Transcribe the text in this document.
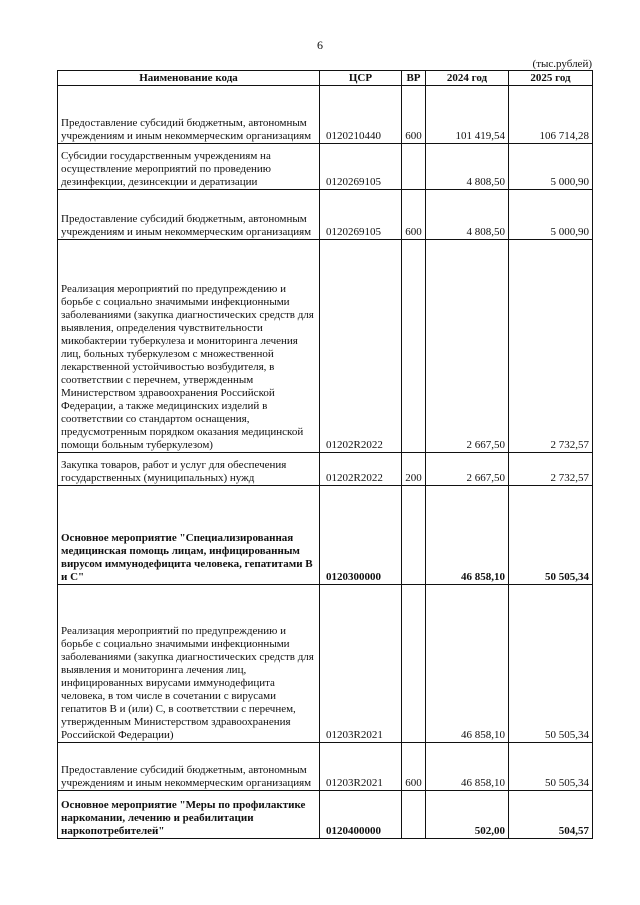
6
(тыс.рублей)
Наименование кода	ЦСР	ВР	2024 год	2025 год
Предоставление субсидий бюджетным, автономным учреждениям и иным некоммерческим организациям	0120210440	600	101 419,54	106 714,28
Субсидии государственным учреждениям на осуществление мероприятий по проведению дезинфекции, дезинсекции и дератизации	0120269105		4 808,50	5 000,90
Предоставление субсидий бюджетным, автономным учреждениям и иным некоммерческим организациям	0120269105	600	4 808,50	5 000,90
Реализация мероприятий по предупреждению и борьбе с социально значимыми инфекционными заболеваниями (закупка диагностических средств для выявления, определения чувствительности микобактерии туберкулеза и мониторинга лечения лиц, больных туберкулезом с множественной лекарственной устойчивостью возбудителя, в соответствии с перечнем, утвержденным Министерством здравоохранения Российской Федерации, а также медицинских изделий в соответствии со стандартом оснащения, предусмотренным порядком оказания медицинской помощи больным туберкулезом)	01202R2022		2 667,50	2 732,57
Закупка товаров, работ и услуг для обеспечения государственных (муниципальных) нужд	01202R2022	200	2 667,50	2 732,57
Основное мероприятие "Специализированная медицинская помощь лицам, инфицированным вирусом иммунодефицита человека, гепатитами В и С"	0120300000		46 858,10	50 505,34
Реализация мероприятий по предупреждению и борьбе с социально значимыми инфекционными заболеваниями (закупка диагностических средств для выявления и мониторинга лечения лиц, инфицированных вирусами иммунодефицита человека, в том числе в сочетании с вирусами гепатитов В и (или) С, в соответствии с перечнем, утвержденным Министерством здравоохранения Российской Федерации)	01203R2021		46 858,10	50 505,34
Предоставление субсидий бюджетным, автономным учреждениям и иным некоммерческим организациям	01203R2021	600	46 858,10	50 505,34
Основное мероприятие "Меры по профилактике наркомании, лечению и реабилитации наркопотребителей"	0120400000		502,00	504,57
